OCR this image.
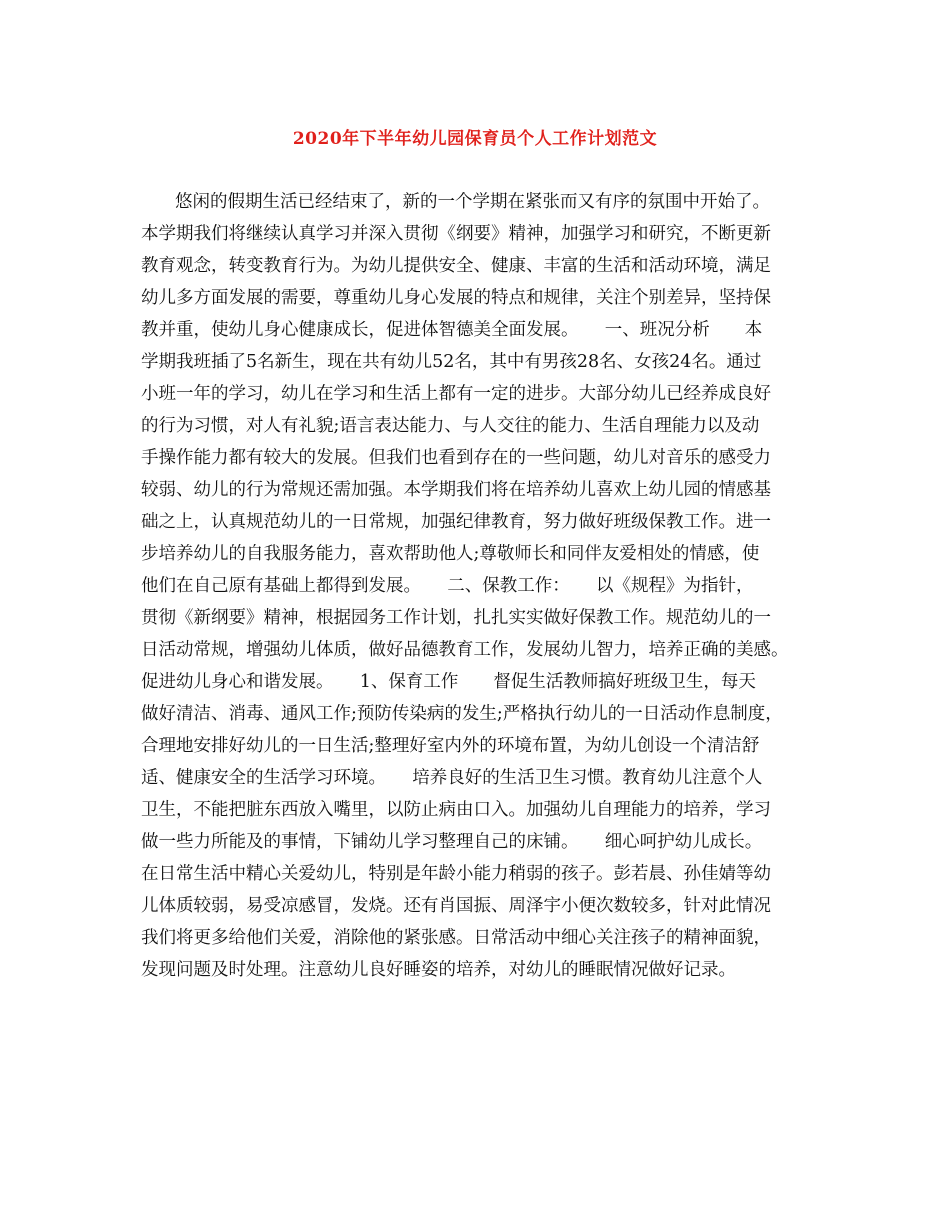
2020年下半年幼儿园保育员个人工作计划范文
悠闲的假期生活已经结束了，新的一个学期在紧张而又有序的氛围中开始了。
本学期我们将继续认真学习并深入贯彻《纲要》精神，加强学习和研究，不断更新
教育观念，转变教育行为。为幼儿提供安全、健康、丰富的生活和活动环境，满足
幼儿多方面发展的需要，尊重幼儿身心发展的特点和规律，关注个别差异，坚持保
教并重，使幼儿身心健康成长，促进体智德美全面发展。　　一、班况分析　　本
学期我班插了5名新生，现在共有幼儿52名，其中有男孩28名、女孩24名。通过
小班一年的学习，幼儿在学习和生活上都有一定的进步。大部分幼儿已经养成良好
的行为习惯，对人有礼貌;语言表达能力、与人交往的能力、生活自理能力以及动
手操作能力都有较大的发展。但我们也看到存在的一些问题，幼儿对音乐的感受力
较弱、幼儿的行为常规还需加强。本学期我们将在培养幼儿喜欢上幼儿园的情感基
础之上，认真规范幼儿的一日常规，加强纪律教育，努力做好班级保教工作。进一
步培养幼儿的自我服务能力，喜欢帮助他人;尊敬师长和同伴友爱相处的情感，使
他们在自己原有基础上都得到发展。　　二、保教工作：　　以《规程》为指针，
贯彻《新纲要》精神，根据园务工作计划，扎扎实实做好保教工作。规范幼儿的一
日活动常规，增强幼儿体质，做好品德教育工作，发展幼儿智力，培养正确的美感。
促进幼儿身心和谐发展。　　1、保育工作　　督促生活教师搞好班级卫生，每天
做好清洁、消毒、通风工作;预防传染病的发生;严格执行幼儿的一日活动作息制度，
合理地安排好幼儿的一日生活;整理好室内外的环境布置，为幼儿创设一个清洁舒
适、健康安全的生活学习环境。　　培养良好的生活卫生习惯。教育幼儿注意个人
卫生，不能把脏东西放入嘴里，以防止病由口入。加强幼儿自理能力的培养，学习
做一些力所能及的事情，下铺幼儿学习整理自己的床铺。　　细心呵护幼儿成长。
在日常生活中精心关爱幼儿，特别是年龄小能力稍弱的孩子。彭若晨、孙佳婧等幼
儿体质较弱，易受凉感冒，发烧。还有肖国振、周泽宇小便次数较多，针对此情况
我们将更多给他们关爱，消除他的紧张感。日常活动中细心关注孩子的精神面貌，
发现问题及时处理。注意幼儿良好睡姿的培养，对幼儿的睡眠情况做好记录。
